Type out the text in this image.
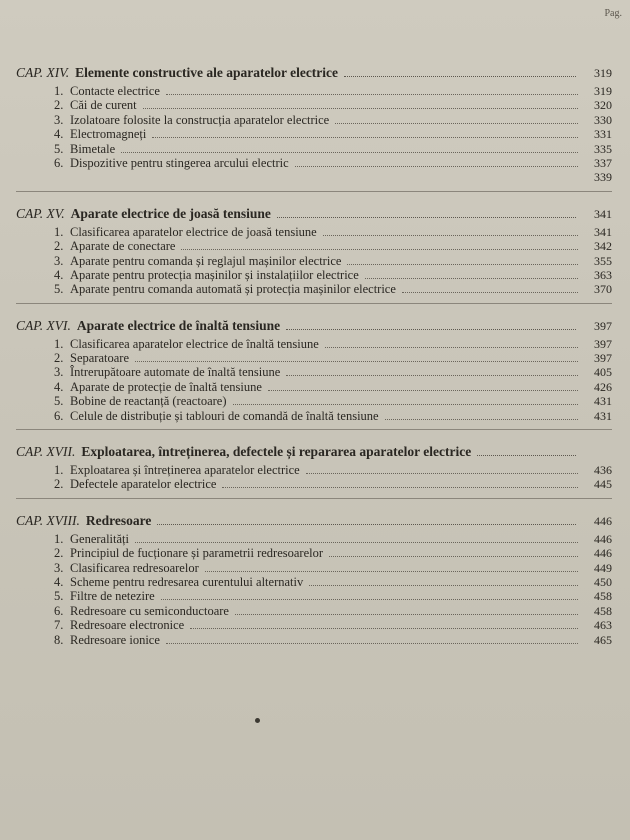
Pag.
CAP. XIV. Elemente constructive ale aparatelor electrice	319
1. Contacte electrice	319
2. Căi de curent	320
3. Izolatoare folosite la construcția aparatelor electrice	330
4. Electromagneți	331
5. Bimetale	335
6. Dispozitive pentru stingerea arcului electric	337
339
CAP. XV. Aparate electrice de joasă tensiune	341
1. Clasificarea aparatelor electrice de joasă tensiune	341
2. Aparate de conectare	342
3. Aparate pentru comanda și reglajul mașinilor electrice	355
4. Aparate pentru protecția mașinilor și instalațiilor electrice	363
5. Aparate pentru comanda automată și protecția mașinilor electrice	370
CAP. XVI. Aparate electrice de înaltă tensiune	397
1. Clasificarea aparatelor electrice de înaltă tensiune	397
2. Separatoare	397
3. Întrerupătoare automate de înaltă tensiune	405
4. Aparate de protecție de înaltă tensiune	426
5. Bobine de reactanță (reactoare)	431
6. Celule de distribuție și tablouri de comandă de înaltă tensiune	431
CAP. XVII. Exploatarea, întreținerea, defectele și repararea aparatelor electrice
1. Exploatarea și întreținerea aparatelor electrice	436
2. Defectele aparatelor electrice	445
CAP. XVIII. Redresoare	446
1. Generalități	446
2. Principiul de fucționare și parametrii redresoarelor	446
3. Clasificarea redresoarelor	449
4. Scheme pentru redresarea curentului alternativ	450
5. Filtre de netezire	458
6. Redresoare cu semiconductoare	458
7. Redresoare electronice	463
8. Redresoare ionice	465
